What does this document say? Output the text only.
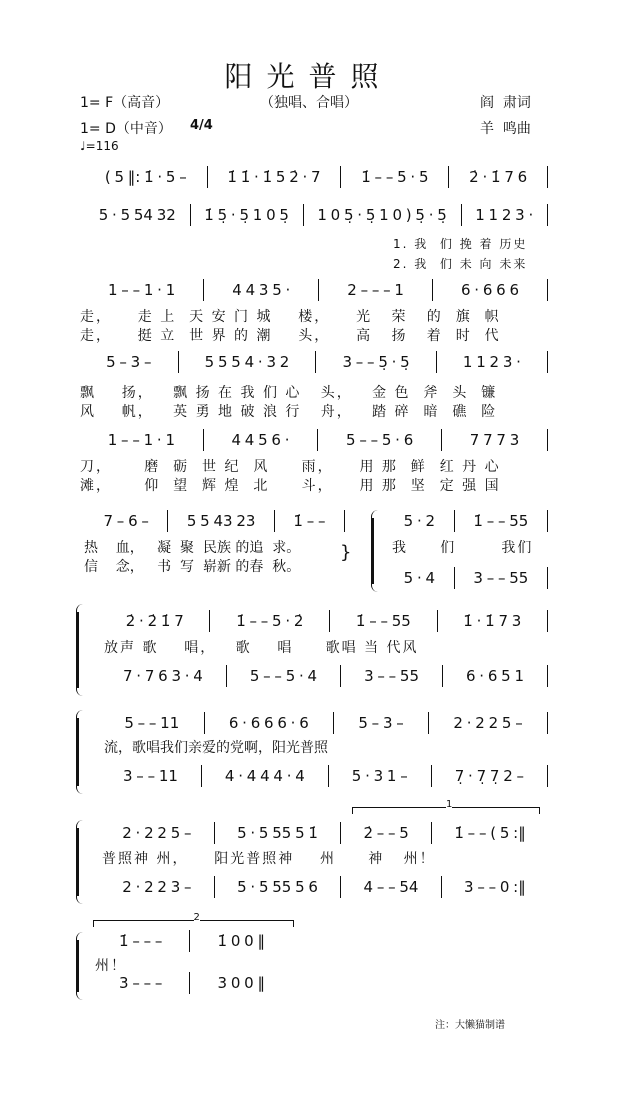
阳光普照
1= F（高音）	（独唱、合唱）	阎  肃词
1= D（中音） 4/4	羊  鸣曲
♩=116
( 5 ‖: 1̇ · 5 –	1̇ 1̇ · 1̇ 5 2̇ · 7	1̇ – – 5 · 5	2̇ · 1̇ 7 6
5 · 5 54 32	1̇ 5̣ · 5̣ 1 0 5̣	1 0 5̣ · 5̣ 1 0 ) 5̣ · 5̣	1 1 2 3 ·
1. 我  们 挽 着 历史
2. 我  们 未 向 未来
1 – – 1 · 1	4 4 3 5 ·	2 – – – 1	6 · 6 6 6
走，    走 上  天 安 门 城    楼，    光   荣   的  旗  帜
走，    挺 立  世 界 的 潮    头，    高   扬   着  时  代
5 – 3 –	5 5 5 4 · 3 2	3 – – 5̣ · 5̣	1 1 2 3 ·
飘    扬，   飘 扬 在 我 们 心   头，   金 色  斧  头  镰
风    帆，   英 勇 地 破 浪 行   舟，   踏 碎  暗  礁  险
1 – – 1 · 1	4 4 5 6 ·	5 – – 5 · 6	7 7 7 3
刀，     磨  砺  世 纪  风     雨，    用 那  鲜  红 丹 心
滩，     仰  望  辉 煌  北     斗，    用 那  坚  定 强 国
7 – 6 –	5 5 43 23	1̇ – –	5 · 2	1̇ – – 55
热    血，   凝  聚  民族 的追  求。
信    念，   书  写  崭新 的春  秋。
}	我     们       我们
5 · 4	3 – – 55
2̇ · 2̇ 1̇ 7	1̇ – – 5 · 2̇	1̇ – – 55	1̇ · 1̇ 7 3
放声 歌    唱，   歌    唱     歌唱 当 代风
7 · 7 6 3 · 4	5 – – 5 · 4	3 – – 55	6 · 6 5 1
5 – – 11	6 · 6 6 6 · 6	5 – 3 –	2 · 2 2 5 –
流，歌唱我们亲爱的党啊，阳光普照
3 – – 11	4 · 4 4 4 · 4	5 · 3 1 –	7̣ · 7̣ 7̣ 2 –
1
2 · 2 2 5 –	5 · 5 55 5 1̇	2̇ – – 5	1̇ – – ( 5 :‖
普照神 州，    阳光普照神    州     神   州！
2 · 2 2 3 –	5 · 5 55 5 6	4 – – 54	3 – – 0 :‖
2
1̇ – – –	1̇ 0 0 ‖
州！
3 – – –	3 0 0 ‖
注：大懒猫制谱
